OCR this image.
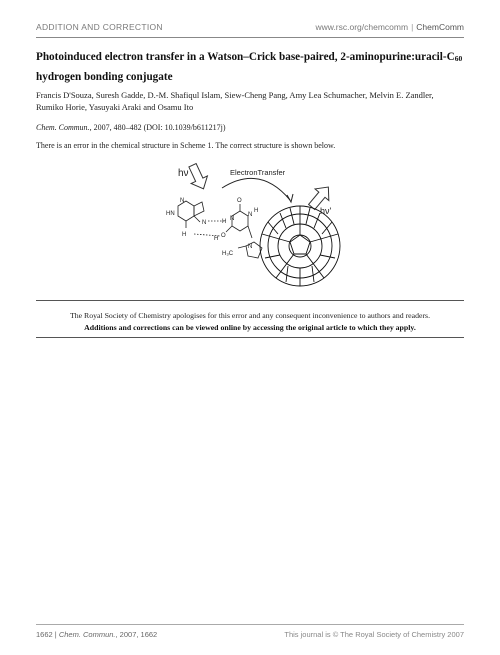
ADDITION AND CORRECTION	www.rsc.org/chemcomm | ChemComm
Photoinduced electron transfer in a Watson–Crick base-paired, $2-aminopurine:uracil-C_{60}$ hydrogen bonding conjugate
Francis D'Souza, Suresh Gadde, D.-M. Shafiqul Islam, Siew-Cheng Pang, Amy Lea Schumacher, Melvin E. Zandler,
Rumiko Horie, Yasuyaki Araki and Osamu Ito
Chem. Commun., 2007, 480–482 (DOI: 10.1039/b611217j)
There is an error in the chemical structure in Scheme 1. The correct structure is shown below.
hν	ElectronTransfer
hν'
N
HN
N
H
H
H
N
O
N
H
O
N
H₃C
The Royal Society of Chemistry apologises for this error and any consequent inconvenience to authors and readers.
Additions and corrections can be viewed online by accessing the original article to which they apply.
1662 | Chem. Commun., 2007, 1662	This journal is © The Royal Society of Chemistry 2007
